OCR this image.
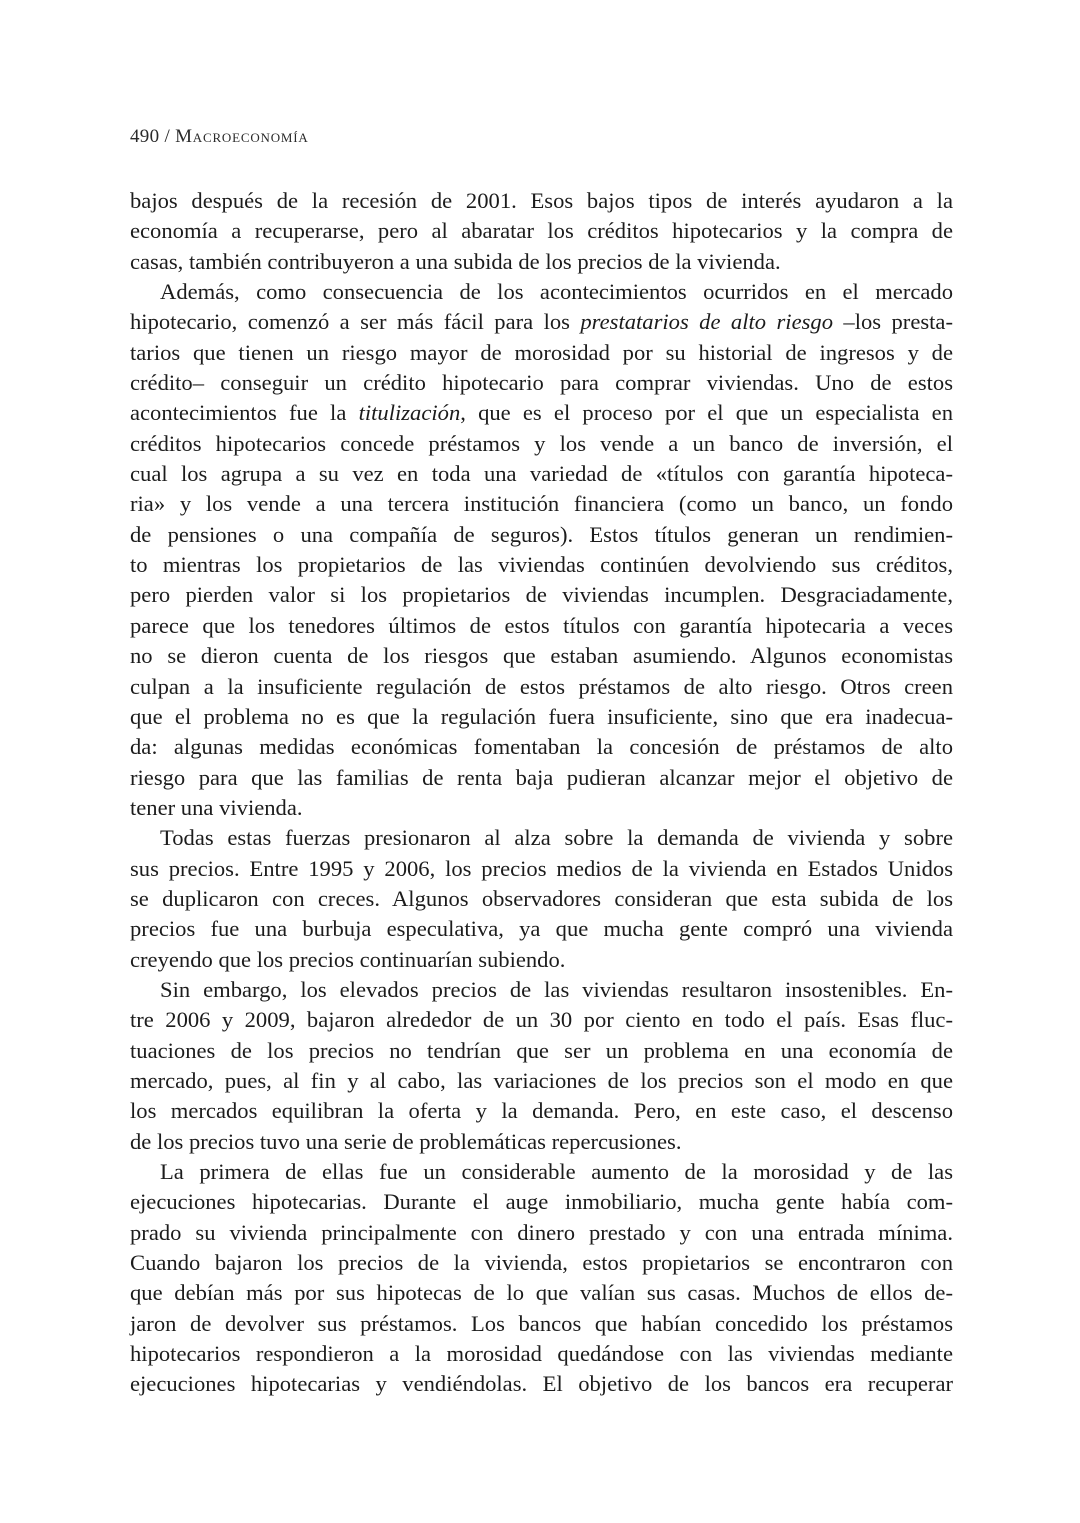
490 / Macroeconomía
bajos después de la recesión de 2001. Esos bajos tipos de interés ayudaron a la
economía a recuperarse, pero al abaratar los créditos hipotecarios y la compra de
casas, también contribuyeron a una subida de los precios de la vivienda.
Además, como consecuencia de los acontecimientos ocurridos en el mercado
hipotecario, comenzó a ser más fácil para los prestatarios de alto riesgo –los presta-
tarios que tienen un riesgo mayor de morosidad por su historial de ingresos y de
crédito– conseguir un crédito hipotecario para comprar viviendas. Uno de estos
acontecimientos fue la titulización, que es el proceso por el que un especialista en
créditos hipotecarios concede préstamos y los vende a un banco de inversión, el
cual los agrupa a su vez en toda una variedad de «títulos con garantía hipoteca-
ria» y los vende a una tercera institución financiera (como un banco, un fondo
de pensiones o una compañía de seguros). Estos títulos generan un rendimien-
to mientras los propietarios de las viviendas continúen devolviendo sus créditos,
pero pierden valor si los propietarios de viviendas incumplen. Desgraciadamente,
parece que los tenedores últimos de estos títulos con garantía hipotecaria a veces
no se dieron cuenta de los riesgos que estaban asumiendo. Algunos economistas
culpan a la insuficiente regulación de estos préstamos de alto riesgo. Otros creen
que el problema no es que la regulación fuera insuficiente, sino que era inadecua-
da: algunas medidas económicas fomentaban la concesión de préstamos de alto
riesgo para que las familias de renta baja pudieran alcanzar mejor el objetivo de
tener una vivienda.
Todas estas fuerzas presionaron al alza sobre la demanda de vivienda y sobre
sus precios. Entre 1995 y 2006, los precios medios de la vivienda en Estados Unidos
se duplicaron con creces. Algunos observadores consideran que esta subida de los
precios fue una burbuja especulativa, ya que mucha gente compró una vivienda
creyendo que los precios continuarían subiendo.
Sin embargo, los elevados precios de las viviendas resultaron insostenibles. En-
tre 2006 y 2009, bajaron alrededor de un 30 por ciento en todo el país. Esas fluc-
tuaciones de los precios no tendrían que ser un problema en una economía de
mercado, pues, al fin y al cabo, las variaciones de los precios son el modo en que
los mercados equilibran la oferta y la demanda. Pero, en este caso, el descenso
de los precios tuvo una serie de problemáticas repercusiones.
La primera de ellas fue un considerable aumento de la morosidad y de las
ejecuciones hipotecarias. Durante el auge inmobiliario, mucha gente había com-
prado su vivienda principalmente con dinero prestado y con una entrada mínima.
Cuando bajaron los precios de la vivienda, estos propietarios se encontraron con
que debían más por sus hipotecas de lo que valían sus casas. Muchos de ellos de-
jaron de devolver sus préstamos. Los bancos que habían concedido los préstamos
hipotecarios respondieron a la morosidad quedándose con las viviendas mediante
ejecuciones hipotecarias y vendiéndolas. El objetivo de los bancos era recuperar
